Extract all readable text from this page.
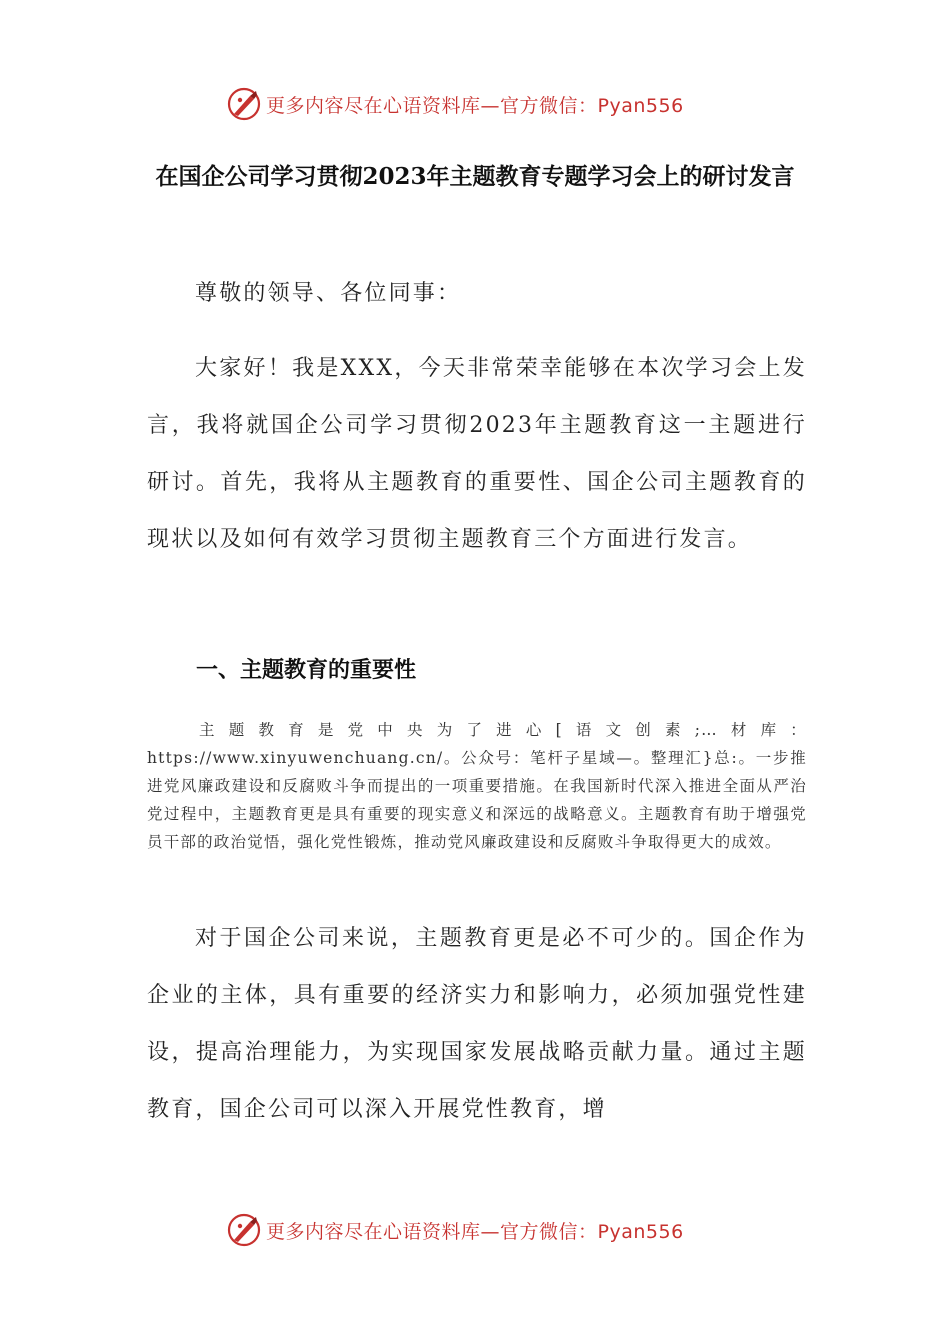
更多内容尽在心语资料库—官方微信：Pyan556
在国企公司学习贯彻2023年主题教育专题学习会上的研讨发言

尊敬的领导、各位同事：

大家好！我是XXX，今天非常荣幸能够在本次学习会上发言，我将就国企公司学习贯彻2023年主题教育这一主题进行研讨。首先，我将从主题教育的重要性、国企公司主题教育的现状以及如何有效学习贯彻主题教育三个方面进行发言。

一、主题教育的重要性

主题教育是党中央为了进心[语文创素;…材库：https://www.xinyuwenchuang.cn/。公众号：笔杆子星域—。整理汇}总:。一步推进党风廉政建设和反腐败斗争而提出的一项重要措施。在我国新时代深入推进全面从严治党过程中，主题教育更是具有重要的现实意义和深远的战略意义。主题教育有助于增强党员干部的政治觉悟，强化党性锻炼，推动党风廉政建设和反腐败斗争取得更大的成效。

对于国企公司来说，主题教育更是必不可少的。国企作为企业的主体，具有重要的经济实力和影响力，必须加强党性建设，提高治理能力，为实现国家发展战略贡献力量。通过主题教育，国企公司可以深入开展党性教育，增

更多内容尽在心语资料库—官方微信：Pyan556
